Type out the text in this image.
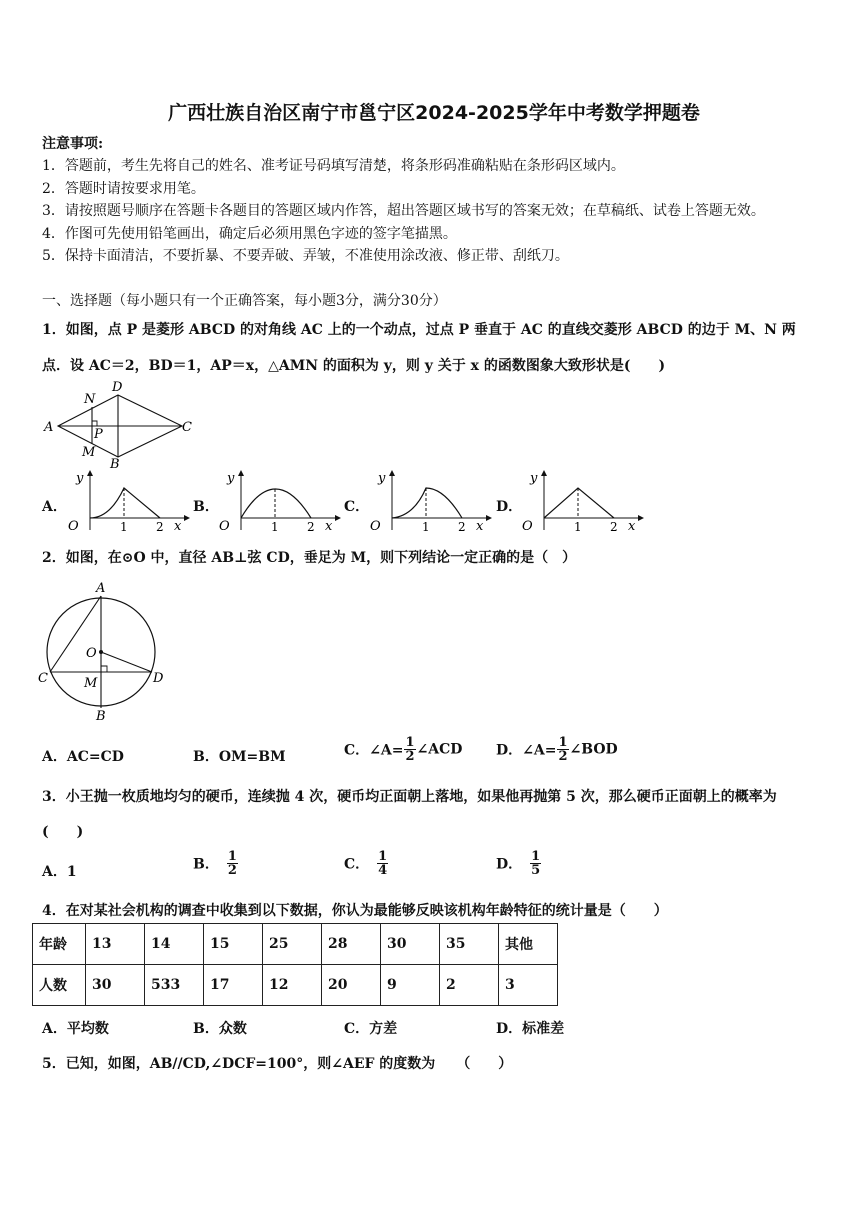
广西壮族自治区南宁市邕宁区2024-2025学年中考数学押题卷
注意事项:
1．答题前，考生先将自己的姓名、准考证号码填写清楚，将条形码准确粘贴在条形码区域内。
2．答题时请按要求用笔。
3．请按照题号顺序在答题卡各题目的答题区域内作答，超出答题区域书写的答案无效；在草稿纸、试卷上答题无效。
4．作图可先使用铅笔画出，确定后必须用黑色字迹的签字笔描黑。
5．保持卡面清洁，不要折暴、不要弄破、弄皱，不准使用涂改液、修正带、刮纸刀。
一、选择题（每小题只有一个正确答案，每小题3分，满分30分）
1．如图，点 P 是菱形 ABCD 的对角线 AC 上的一个动点，过点 P 垂直于 AC 的直线交菱形 ABCD 的边于 M、N 两
点．设 AC＝2，BD＝1，AP＝x，△AMN 的面积为 y，则 y 关于 x 的函数图象大致形状是(　　)
A
D
C
B
N
M
P
A．	B．	C．	D．
y
O	1 2 x
y
O	1 2 x
y
O	1 2 x
y
O	1 2 x
2．如图，在⊙O 中，直径 AB⊥弦 CD，垂足为 M，则下列结论一定正确的是（　）
A
B
C	D
O
M
A．AC=CD	B．OM=BM	C．∠A= $\frac{1}{2}$ ∠ACD D．∠A= $\frac{1}{2}$ ∠BOD
3．小王抛一枚质地均匀的硬币，连续抛 4 次，硬币均正面朝上落地，如果他再抛第 5 次，那么硬币正面朝上的概率为
(　　)
A．1	B． $\frac{1}{2}$	C． $\frac{1}{4}$	D． $\frac{1}{5}$
4．在对某社会机构的调查中收集到以下数据，你认为最能够反映该机构年龄特征的统计量是（　　）
年龄	13	14	15	25	28	30	35	其他
人数	30	533	17	12	20	9	2	3
A．平均数	B．众数	C．方差	D．标准差
5．已知，如图，AB//CD,∠DCF=100°，则∠AEF 的度数为　　（　　）
